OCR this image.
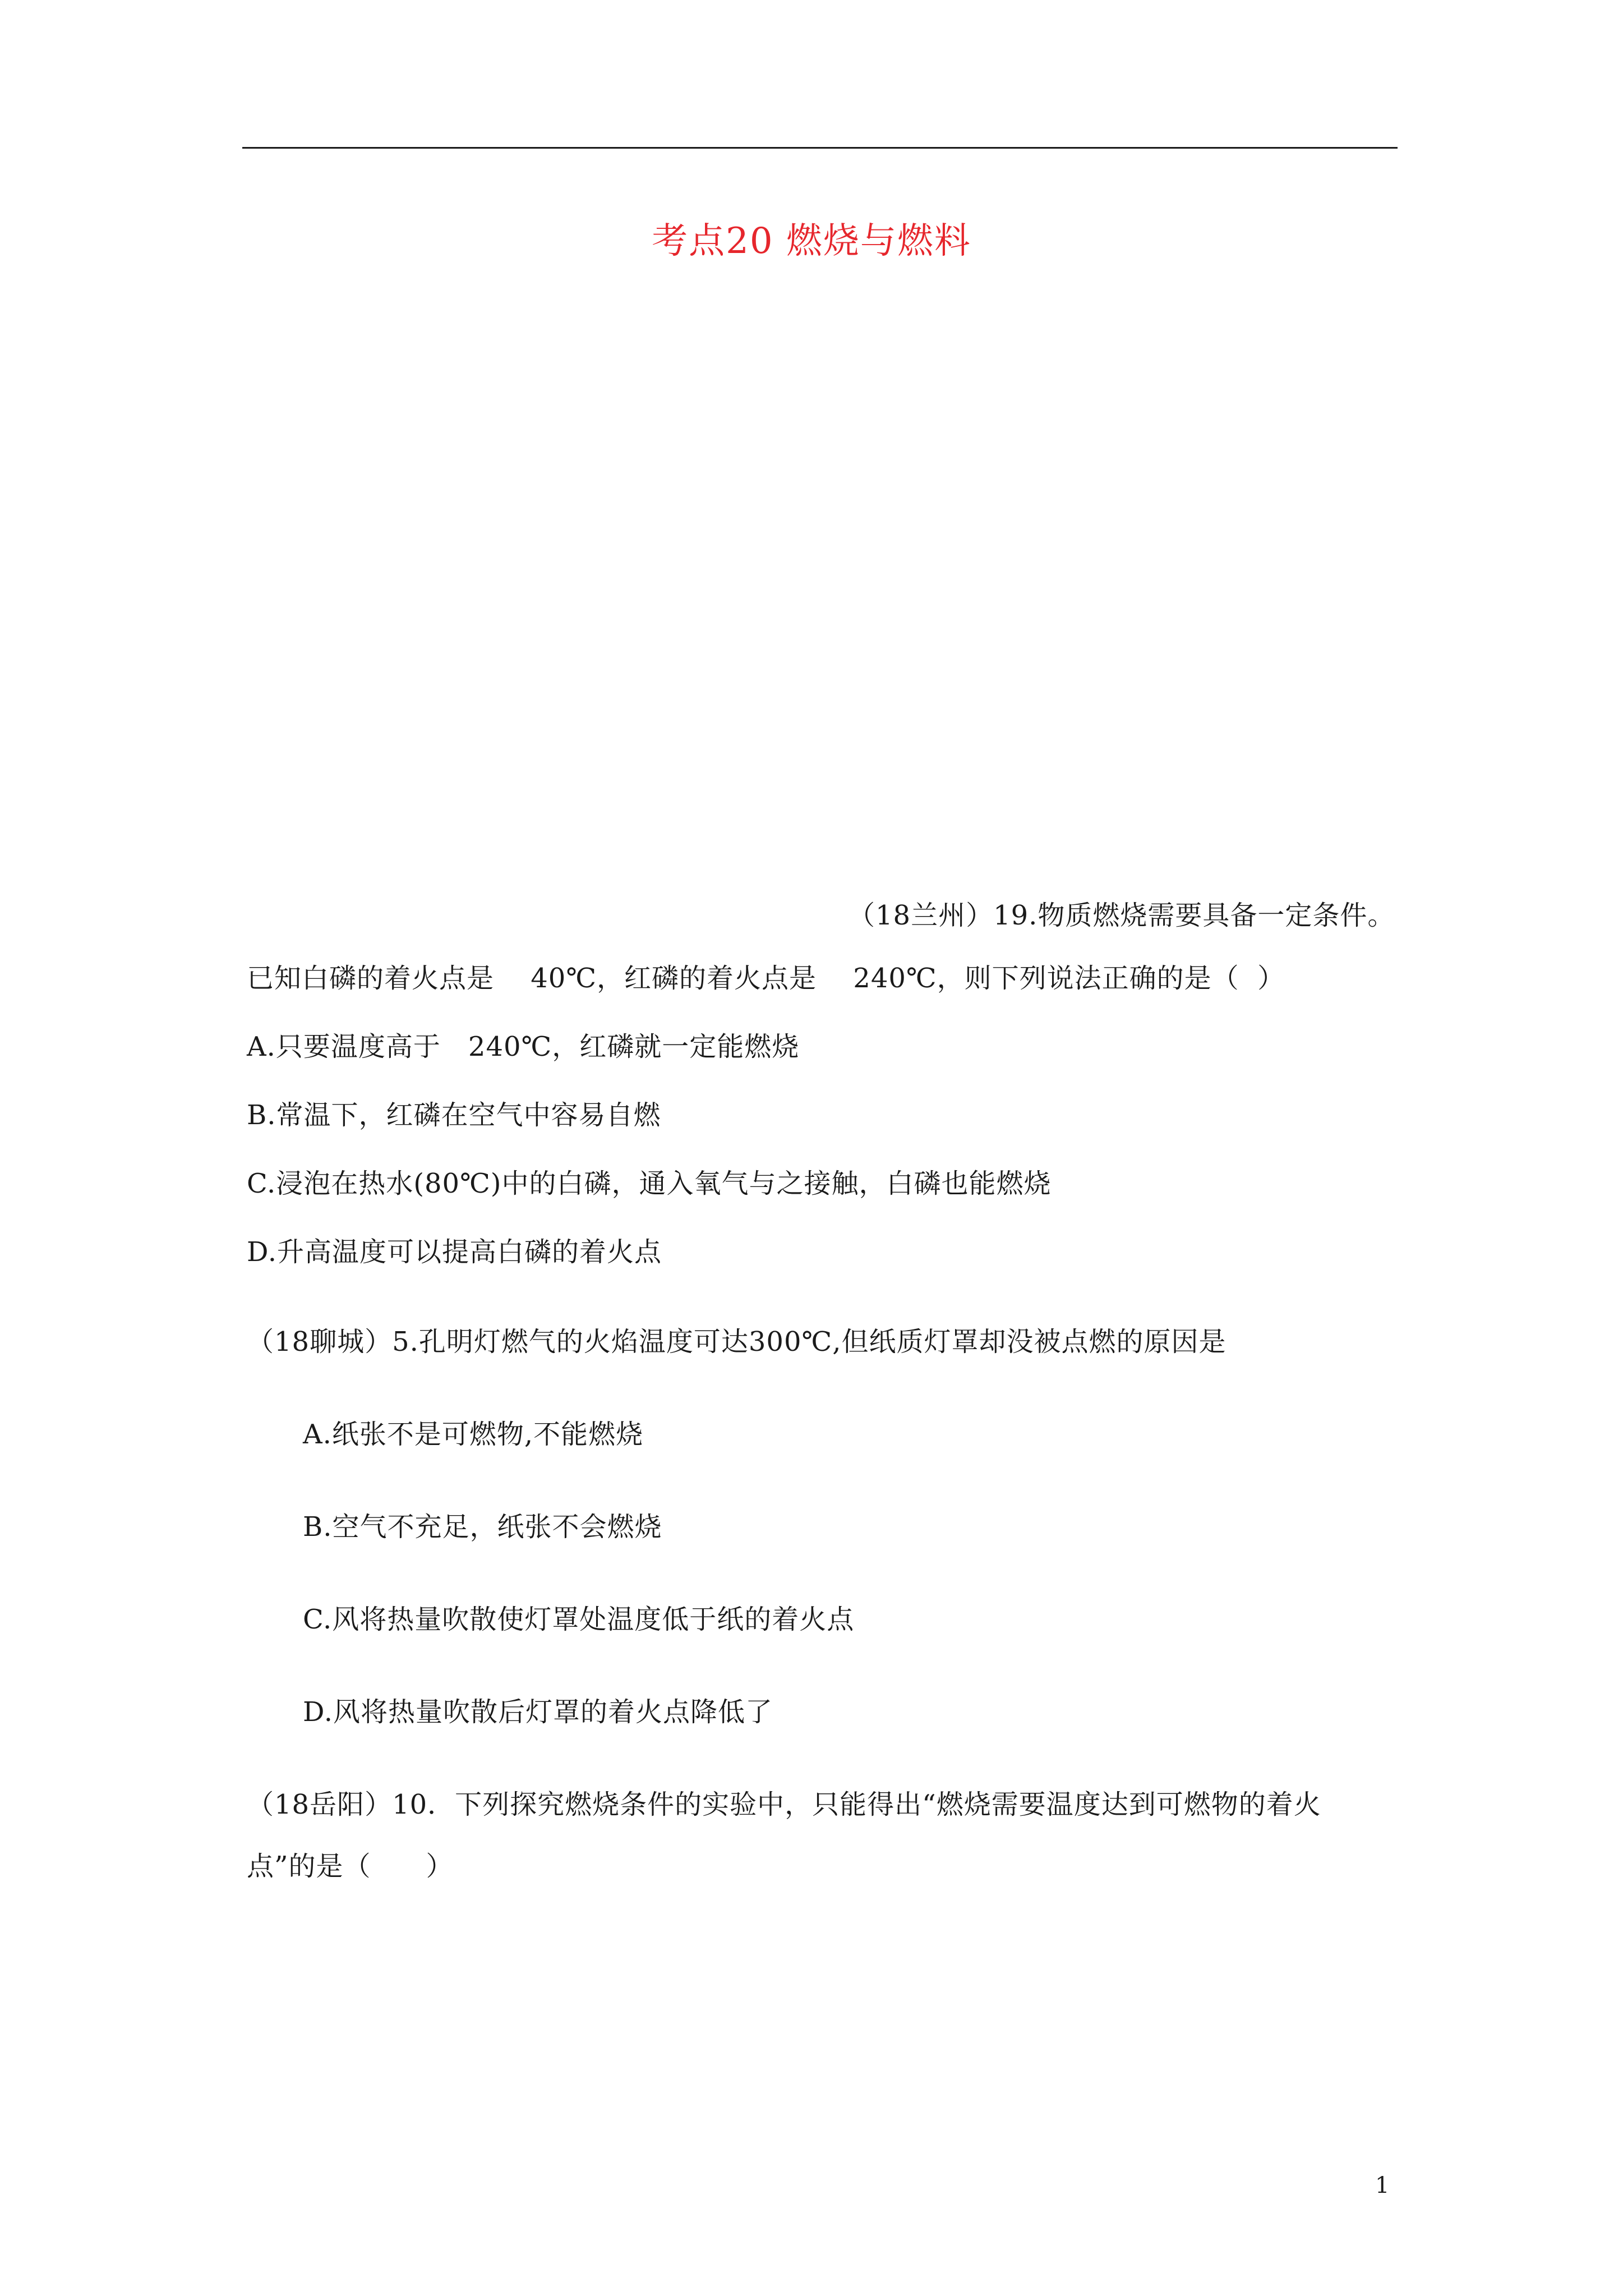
考点20 燃烧与燃料
（18兰州）19.物质燃烧需要具备一定条件。
已知白磷的着火点是　 40℃，红磷的着火点是　 240℃，则下列说法正确的是（  ）
A.只要温度高于　240℃，红磷就一定能燃烧
B.常温下，红磷在空气中容易自燃
C.浸泡在热水(80℃)中的白磷，通入氧气与之接触，白磷也能燃烧
D.升高温度可以提高白磷的着火点
（18聊城）5.孔明灯燃气的火焰温度可达300℃,但纸质灯罩却没被点燃的原因是
A.纸张不是可燃物,不能燃烧
B.空气不充足，纸张不会燃烧
C.风将热量吹散使灯罩处温度低于纸的着火点
D.风将热量吹散后灯罩的着火点降低了
（18岳阳）10．下列探究燃烧条件的实验中，只能得出“燃烧需要温度达到可燃物的着火
点”的是（　　）
1
